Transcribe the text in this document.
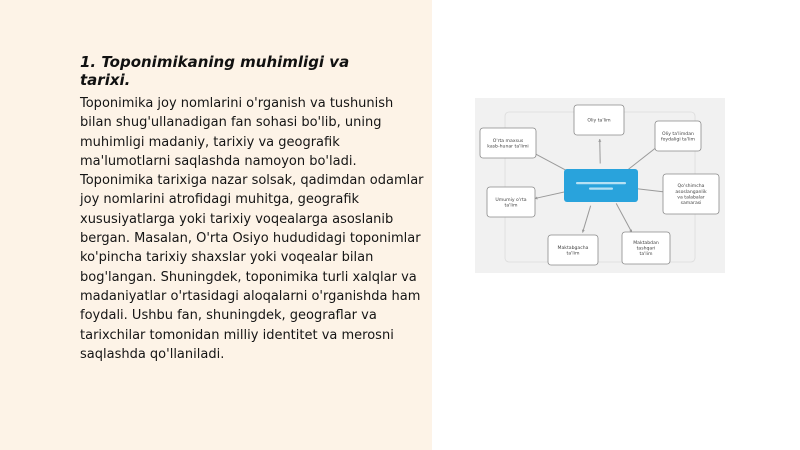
1. Toponimikaning muhimligi va tarixi.

Toponimika joy nomlarini o'rganish va tushunish bilan shug'ullanadigan fan sohasi bo'lib, uning muhimligi madaniy, tarixiy va geografik ma'lumotlarni saqlashda namoyon bo'ladi. Toponimika tarixiga nazar solsak, qadimdan odamlar joy nomlarini atrofidagi muhitga, geografik xususiyatlarga yoki tarixiy voqealarga asoslanib bergan. Masalan, O'rta Osiyo hududidagi toponimlar ko'pincha tarixiy shaxslar yoki voqealar bilan bog'langan. Shuningdek, toponimika turli xalqlar va madaniyatlar o'rtasidagi aloqalarni o'rganishda ham foydali. Ushbu fan, shuningdek, geograflar va tarixchilar tomonidan milliy identitet va merosni saqlashda qo'llaniladi.

Oliy ta'lim
Oliy ta'limdan
foydaligi ta'lim
Qo'shimcha
asoslanganlik
va talabalar
samarasi
Maktabdan
tashqari
ta'lim
Maktabgacha
ta'lim
Umumiy o'rta
ta'lim
O'rta maxsus
kasb-hunar ta'limi
